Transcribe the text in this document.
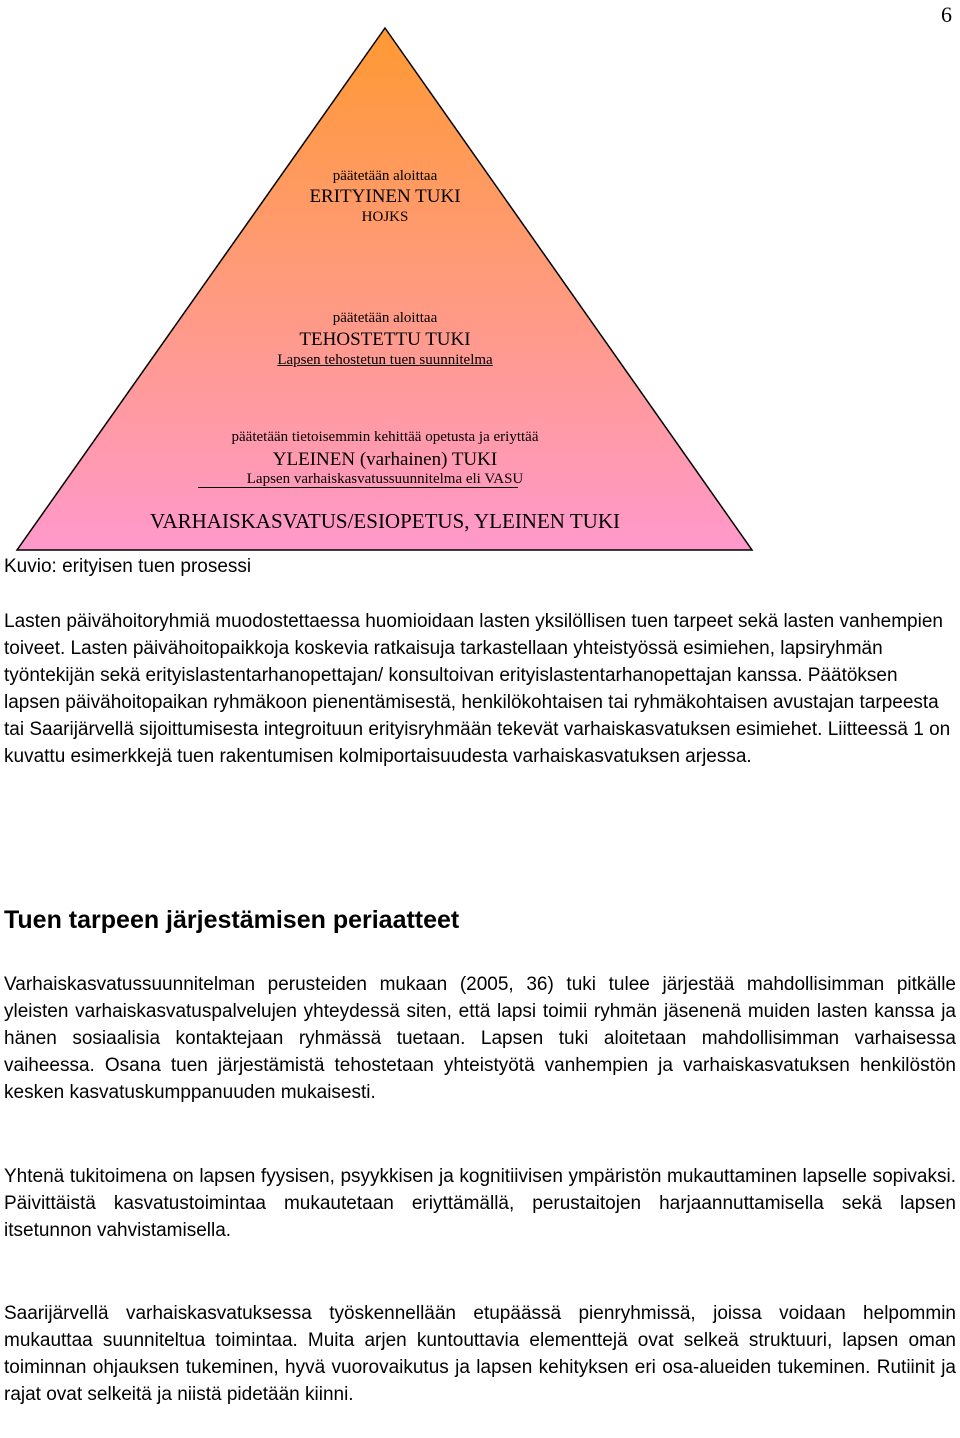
6
päätetään aloittaa
ERITYINEN TUKI
HOJKS
päätetään aloittaa
TEHOSTETTU TUKI
Lapsen tehostetun tuen suunnitelma
päätetään tietoisemmin kehittää opetusta ja eriyttää
YLEINEN (varhainen) TUKI
Lapsen varhaiskasvatussuunnitelma eli VASU
VARHAISKASVATUS/ESIOPETUS, YLEINEN TUKI
Kuvio: erityisen tuen prosessi

Lasten päivähoitoryhmiä muodostettaessa huomioidaan lasten yksilöllisen tuen tarpeet sekä lasten vanhempien toiveet. Lasten päivähoitopaikkoja koskevia ratkaisuja tarkastellaan yhteistyössä esimiehen, lapsiryhmän työntekijän sekä erityislastentarhanopettajan/ konsultoivan erityislastentarhanopettajan kanssa. Päätöksen lapsen päivähoitopaikan ryhmäkoon pienentämisestä, henkilökohtaisen tai ryhmäkohtaisen avustajan tarpeesta tai Saarijärvellä sijoittumisesta integroituun erityisryhmään tekevät varhaiskasvatuksen esimiehet. Liitteessä 1 on kuvattu esimerkkejä tuen rakentumisen kolmiportaisuudesta varhaiskasvatuksen arjessa.

Tuen tarpeen järjestämisen periaatteet

Varhaiskasvatussuunnitelman perusteiden mukaan (2005, 36) tuki tulee järjestää mahdollisimman pitkälle yleisten varhaiskasvatuspalvelujen yhteydessä siten, että lapsi toimii ryhmän jäsenenä muiden lasten kanssa ja hänen sosiaalisia kontaktejaan ryhmässä tuetaan. Lapsen tuki aloitetaan mahdollisimman varhaisessa vaiheessa. Osana tuen järjestämistä tehostetaan yhteistyötä vanhempien ja varhaiskasvatuksen henkilöstön kesken kasvatuskumppanuuden mukaisesti.

Yhtenä tukitoimena on lapsen fyysisen, psyykkisen ja kognitiivisen ympäristön mukauttaminen lapselle sopivaksi. Päivittäistä kasvatustoimintaa mukautetaan eriyttämällä, perustaitojen harjaannuttamisella sekä lapsen itsetunnon vahvistamisella.

Saarijärvellä varhaiskasvatuksessa työskennellään etupäässä pienryhmissä, joissa voidaan helpommin mukauttaa suunniteltua toimintaa. Muita arjen kuntouttavia elementtejä ovat selkeä struktuuri, lapsen oman toiminnan ohjauksen tukeminen, hyvä vuorovaikutus ja lapsen kehityksen eri osa-alueiden tukeminen. Rutiinit ja rajat ovat selkeitä ja niistä pidetään kiinni.
